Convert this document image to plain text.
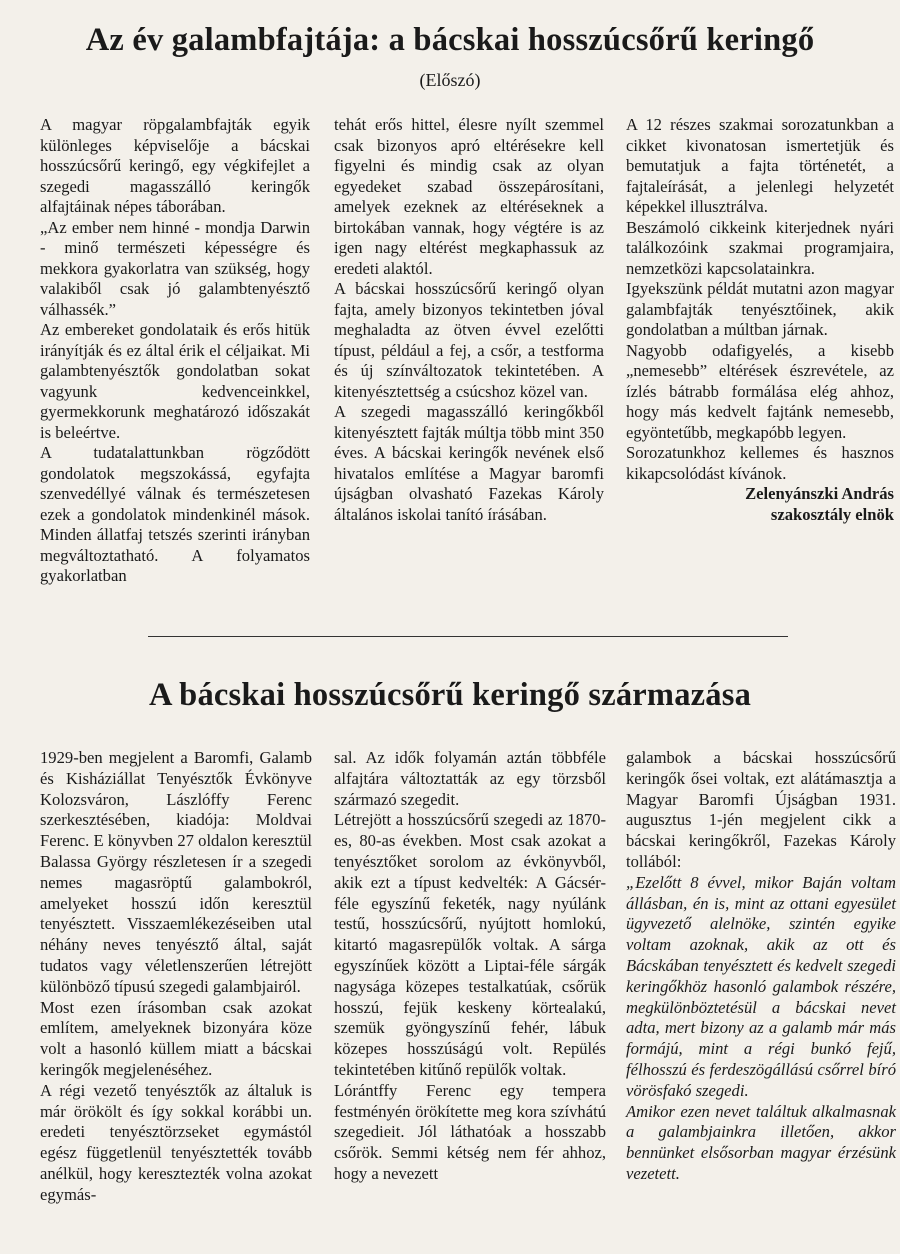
Az év galambfajtája: a bácskai hosszúcsőrű keringő
(Előszó)

A magyar röpgalambfajták egyik különleges képviselője a bácskai hosszúcsőrű keringő, egy végkifejlet a szegedi magasszálló keringők alfajtáinak népes táborában.

„Az ember nem hinné - mondja Darwin - minő természeti képességre és mekkora gyakorlatra van szükség, hogy valakiből csak jó galambtenyésztő válhassék.”

Az embereket gondolataik és erős hitük irányítják és ez által érik el céljaikat. Mi galambtenyésztők gondolatban sokat vagyunk kedvenceinkkel, gyermekkorunk meghatározó időszakát is beleértve.

A tudatalattunkban rögződött gondolatok megszokássá, egyfajta szenvedéllyé válnak és természetesen ezek a gondolatok mindenkinél mások. Minden állatfaj tetszés szerinti irányban megváltoztatható. A folyamatos gyakorlatban

tehát erős hittel, élesre nyílt szemmel csak bizonyos apró eltérésekre kell figyelni és mindig csak az olyan egyedeket szabad összepárosítani, amelyek ezeknek az eltéréseknek a birtokában vannak, hogy végtére is az igen nagy eltérést megkaphassuk az eredeti alaktól.

A bácskai hosszúcsőrű keringő olyan fajta, amely bizonyos tekintetben jóval meghaladta az ötven évvel ezelőtti típust, például a fej, a csőr, a testforma és új színváltozatok tekintetében. A kitenyésztettség a csúcshoz közel van.

A szegedi magasszálló keringőkből kitenyésztett fajták múltja több mint 350 éves. A bácskai keringők nevének első hivatalos említése a Magyar baromfi újságban olvasható Fazekas Károly általános iskolai tanító írásában.

A 12 részes szakmai sorozatunkban a cikket kivonatosan ismertetjük és bemutatjuk a fajta történetét, a fajtaleírását, a jelenlegi helyzetét képekkel illusztrálva.

Beszámoló cikkeink kiterjednek nyári találkozóink szakmai programjaira, nemzetközi kapcsolatainkra.

Igyekszünk példát mutatni azon magyar galambfajták tenyésztőinek, akik gondolatban a múltban járnak.

Nagyobb odafigyelés, a kisebb „nemesebb” eltérések észrevétele, az ízlés bátrabb formálása elég ahhoz, hogy más kedvelt fajtánk nemesebb, egyöntetűbb, megkapóbb legyen.

Sorozatunkhoz kellemes és hasznos kikapcsolódást kívánok.

Zelenyánszki András

szakosztály elnök

A bácskai hosszúcsőrű keringő származása

1929-ben megjelent a Baromfi, Galamb és Kisháziállat Tenyésztők Évkönyve Kolozsváron, Lászlóffy Ferenc szerkesztésében, kiadója: Moldvai Ferenc. E könyvben 27 oldalon keresztül Balassa György részletesen ír a szegedi nemes magasröptű galambokról, amelyeket hosszú időn keresztül tenyésztett. Visszaemlékezéseiben utal néhány neves tenyésztő által, saját tudatos vagy véletlenszerűen létrejött különböző típusú szegedi galambjairól.

Most ezen írásomban csak azokat említem, amelyeknek bizonyára köze volt a hasonló küllem miatt a bácskai keringők megjelenéséhez.

A régi vezető tenyésztők az általuk is már örökölt és így sokkal korábbi un. eredeti tenyésztörzseket egymástól egész függetlenül tenyésztették tovább anélkül, hogy keresztezték volna azokat egymás-

sal. Az idők folyamán aztán többféle alfajtára változtatták az egy törzsből származó szegedit.

Létrejött a hosszúcsőrű szegedi az 1870-es, 80-as években. Most csak azokat a tenyésztőket sorolom az évkönyvből, akik ezt a típust kedvelték: A Gácsér-féle egyszínű feketék, nagy nyúlánk testű, hosszúcsőrű, nyújtott homlokú, kitartó magasrepülők voltak. A sárga egyszínűek között a Liptai-féle sárgák nagysága közepes testalkatúak, csőrük hosszú, fejük keskeny körtealakú, szemük gyöngyszínű fehér, lábuk közepes hosszúságú volt. Repülés tekintetében kitűnő repülők voltak.

Lórántffy Ferenc egy tempera festményén örökítette meg kora szívhátú szegedieit. Jól láthatóak a hosszabb csőrök. Semmi kétség nem fér ahhoz, hogy a nevezett

galambok a bácskai hosszúcsőrű keringők ősei voltak, ezt alátámasztja a Magyar Baromfi Újságban 1931. augusztus 1-jén megjelent cikk a bácskai keringőkről, Fazekas Károly tollából:

„Ezelőtt 8 évvel, mikor Baján voltam állásban, én is, mint az ottani egyesület ügyvezető alelnöke, szintén egyike voltam azoknak, akik az ott és Bácskában tenyésztett és kedvelt szegedi keringőkhöz hasonló galambok részére, megkülönböztetésül a bácskai nevet adta, mert bizony az a galamb már más formájú, mint a régi bunkó fejű, félhosszú és ferdeszögállású csőrrel bíró vörösfakó szegedi.

Amikor ezen nevet találtuk alkalmasnak a galambjainkra illetően, akkor bennünket elsősorban magyar érzésünk vezetett.
